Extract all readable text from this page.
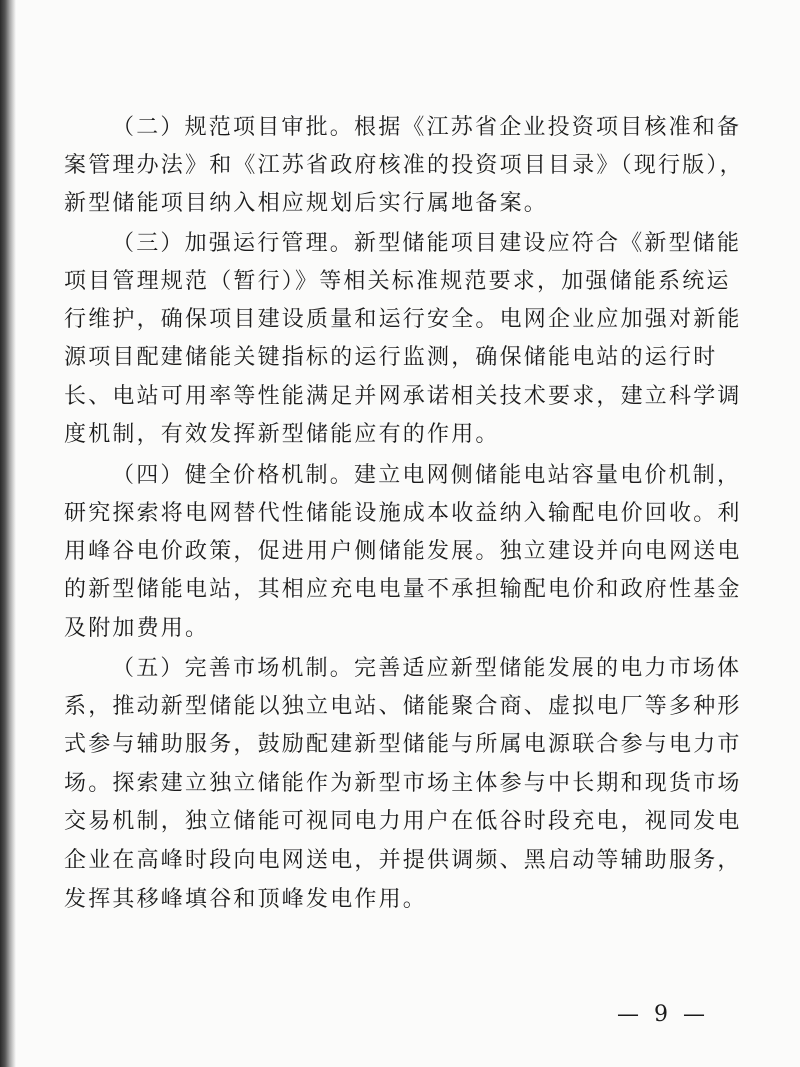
（二）规范项目审批。根据《江苏省企业投资项目核准和备
案管理办法》和《江苏省政府核准的投资项目目录》（现行版），
新型储能项目纳入相应规划后实行属地备案。
（三）加强运行管理。新型储能项目建设应符合《新型储能
项目管理规范（暂行）》等相关标准规范要求，加强储能系统运
行维护，确保项目建设质量和运行安全。电网企业应加强对新能
源项目配建储能关键指标的运行监测，确保储能电站的运行时
长、电站可用率等性能满足并网承诺相关技术要求，建立科学调
度机制，有效发挥新型储能应有的作用。
（四）健全价格机制。建立电网侧储能电站容量电价机制，
研究探索将电网替代性储能设施成本收益纳入输配电价回收。利
用峰谷电价政策，促进用户侧储能发展。独立建设并向电网送电
的新型储能电站，其相应充电电量不承担输配电价和政府性基金
及附加费用。
（五）完善市场机制。完善适应新型储能发展的电力市场体
系，推动新型储能以独立电站、储能聚合商、虚拟电厂等多种形
式参与辅助服务，鼓励配建新型储能与所属电源联合参与电力市
场。探索建立独立储能作为新型市场主体参与中长期和现货市场
交易机制，独立储能可视同电力用户在低谷时段充电，视同发电
企业在高峰时段向电网送电，并提供调频、黑启动等辅助服务，
发挥其移峰填谷和顶峰发电作用。
— 9 —
